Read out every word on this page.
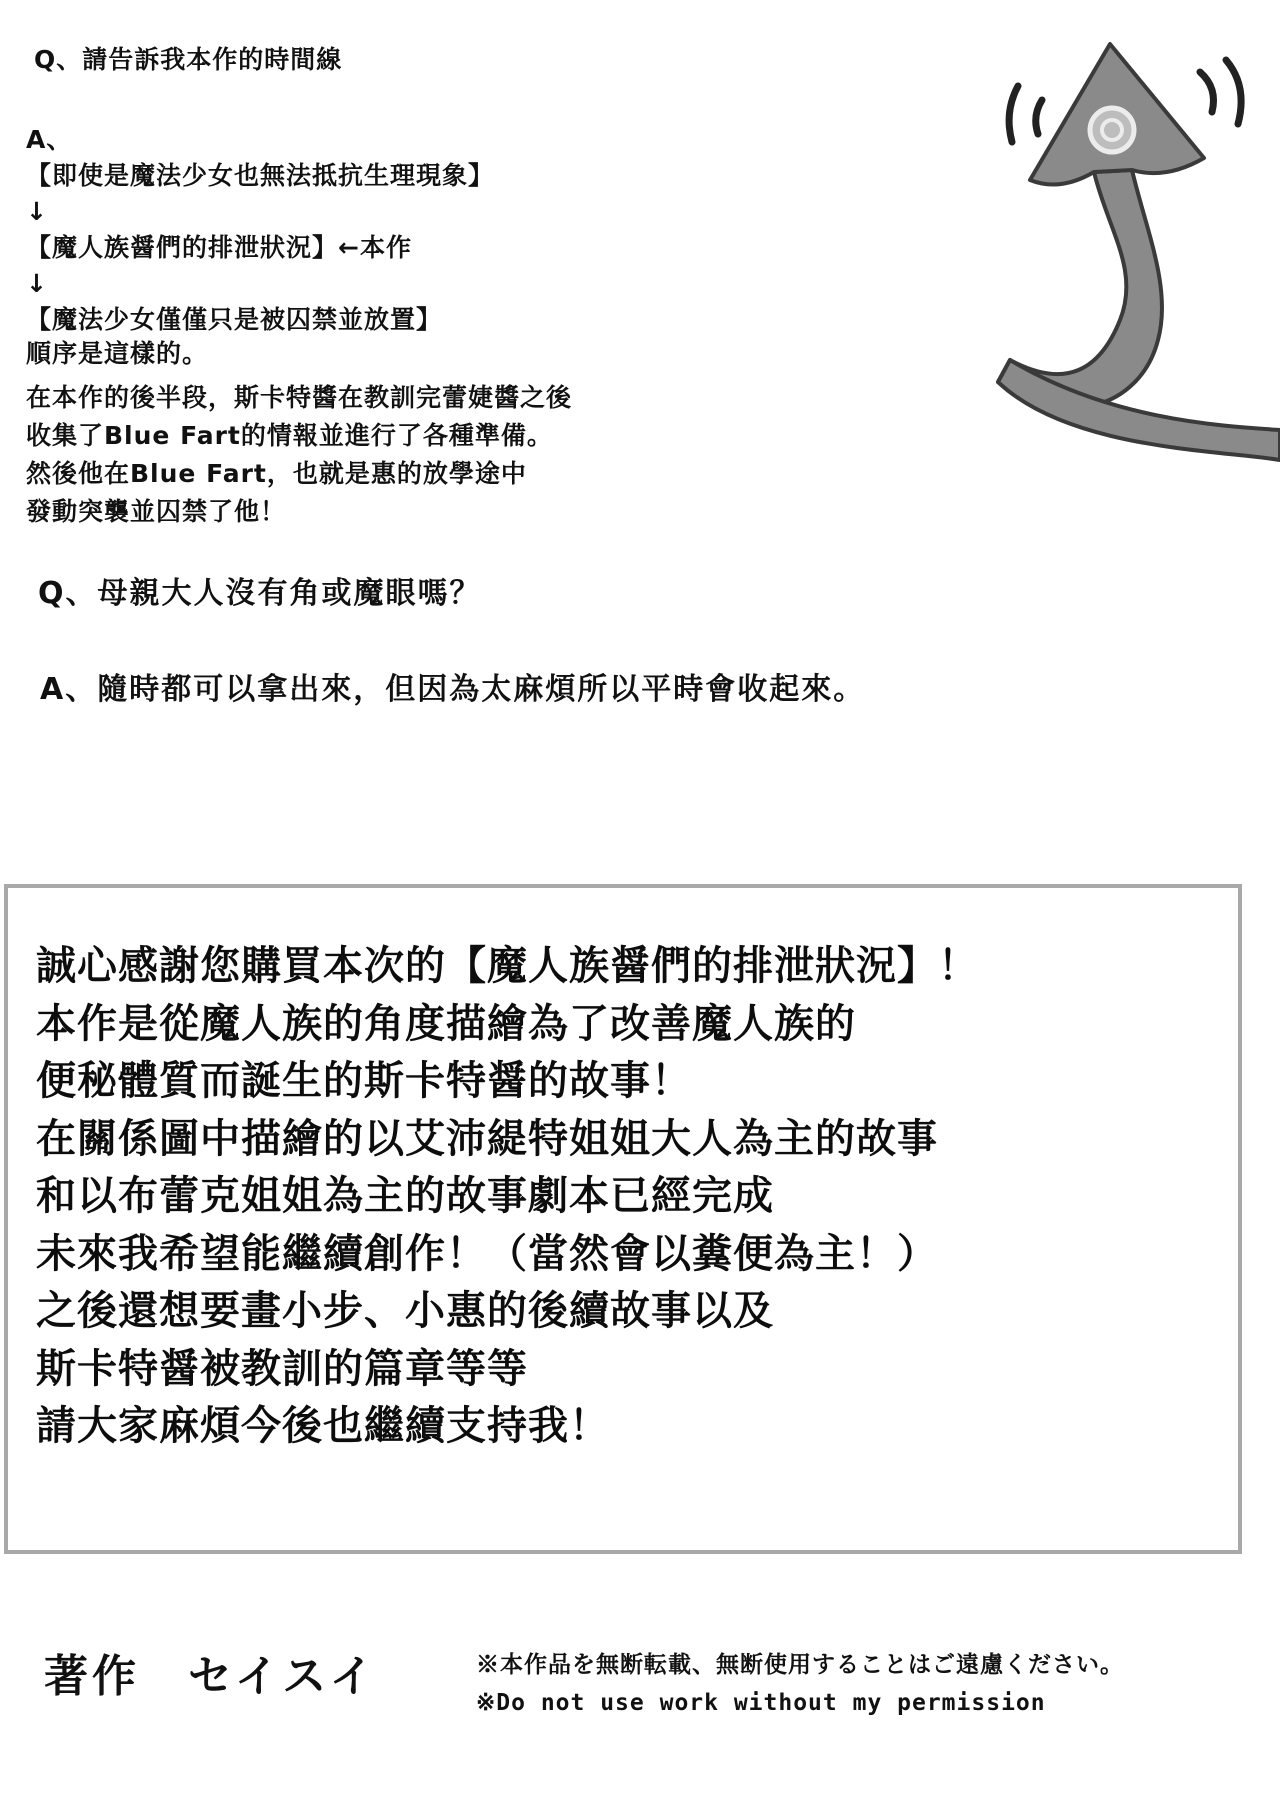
Q、請告訴我本作的時間線
A、
【即使是魔法少女也無法抵抗生理現象】
↓
【魔人族醤們的排泄狀況】←本作
↓
【魔法少女僅僅只是被囚禁並放置】
順序是這樣的。
在本作的後半段，斯卡特醬在教訓完蕾婕醬之後
收集了Blue Fart的情報並進行了各種準備。
然後他在Blue Fart，也就是惠的放學途中
發動突襲並囚禁了他！
Q、母親大人沒有角或魔眼嗎？
A、隨時都可以拿出來，但因為太麻煩所以平時會收起來。
誠心感謝您購買本次的【魔人族醤們的排泄狀況】！
本作是從魔人族的角度描繪為了改善魔人族的
便秘體質而誕生的斯卡特醤的故事！
在關係圖中描繪的以艾沛緹特姐姐大人為主的故事
和以布蕾克姐姐為主的故事劇本已經完成
未來我希望能繼續創作！（當然會以糞便為主！）
之後還想要畫小步、小惠的後續故事以及
斯卡特醤被教訓的篇章等等
請大家麻煩今後也繼續支持我！
著作　セイスイ	※本作品を無断転載、無断使用することはご遠慮ください。
※Do not use work without my permission
